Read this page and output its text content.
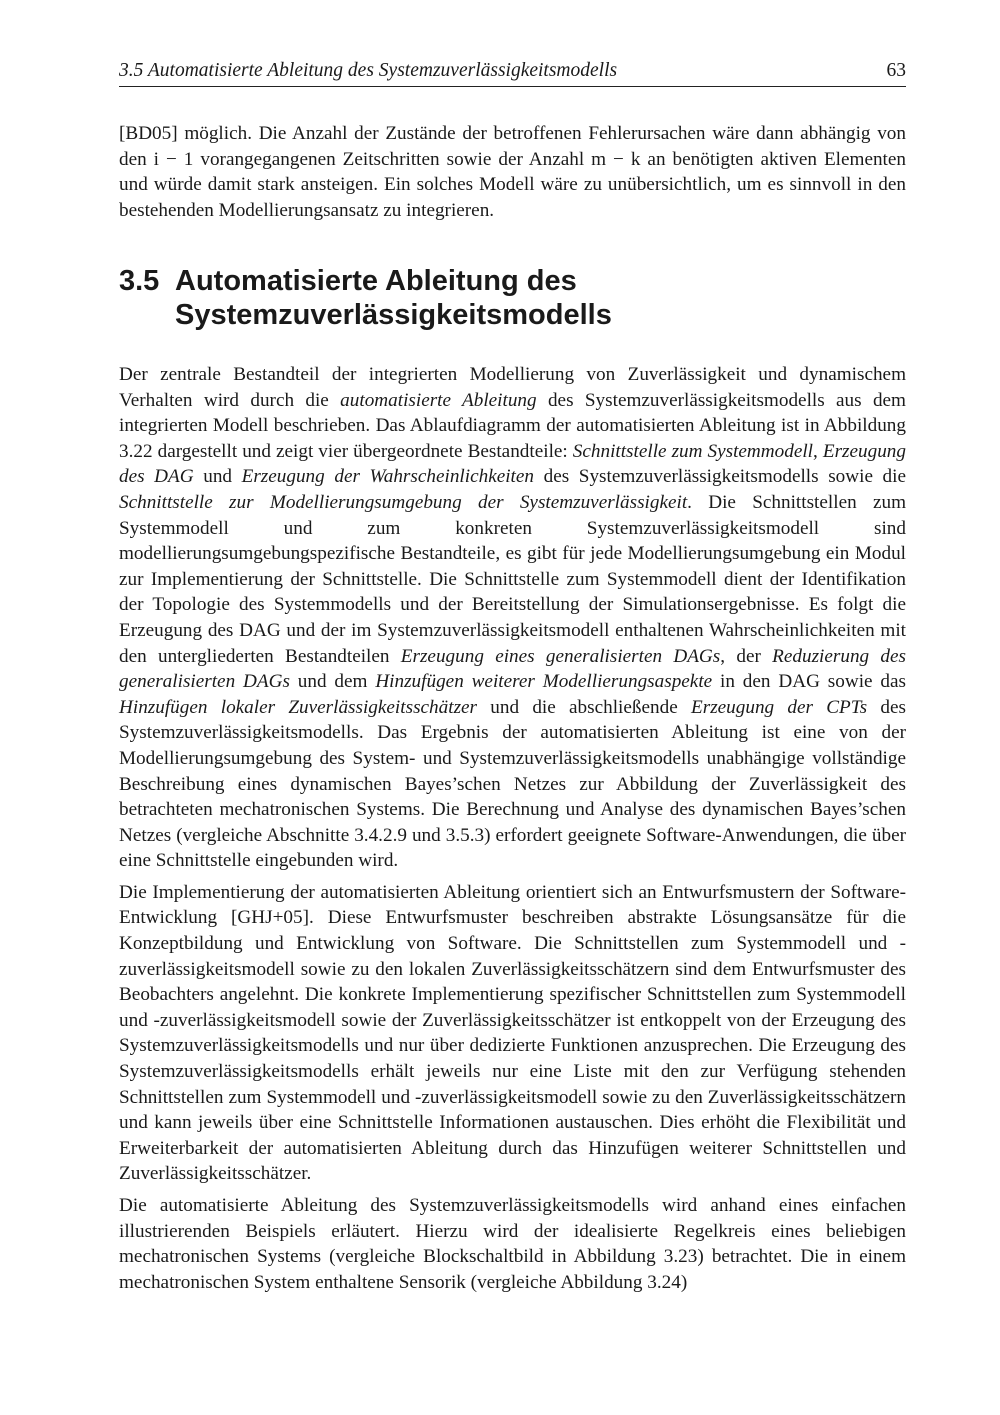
3.5 Automatisierte Ableitung des Systemzuverlässigkeitsmodells	63
[BD05] möglich. Die Anzahl der Zustände der betroffenen Fehlerursachen wäre dann abhängig von den i − 1 vorangegangenen Zeitschritten sowie der Anzahl m − k an benötigten aktiven Elementen und würde damit stark ansteigen. Ein solches Modell wäre zu unübersichtlich, um es sinnvoll in den bestehenden Modellierungsansatz zu integrieren.
3.5 Automatisierte Ableitung des Systemzuverlässigkeitsmodells

Der zentrale Bestandteil der integrierten Modellierung von Zuverlässigkeit und dynamischem Verhalten wird durch die automatisierte Ableitung des Systemzuverlässigkeitsmodells aus dem integrierten Modell beschrieben. Das Ablaufdiagramm der automatisierten Ableitung ist in Abbildung 3.22 dargestellt und zeigt vier übergeordnete Bestandteile: Schnittstelle zum Systemmodell, Erzeugung des DAG und Erzeugung der Wahrscheinlichkeiten des Systemzuverlässigkeitsmodells sowie die Schnittstelle zur Modellierungsumgebung der Systemzuverlässigkeit. Die Schnittstellen zum Systemmodell und zum konkreten Systemzuverlässigkeitsmodell sind modellierungsumgebungspezifische Bestandteile, es gibt für jede Modellierungsumgebung ein Modul zur Implementierung der Schnittstelle. Die Schnittstelle zum Systemmodell dient der Identifikation der Topologie des Systemmodells und der Bereitstellung der Simulationsergebnisse. Es folgt die Erzeugung des DAG und der im Systemzuverlässigkeitsmodell enthaltenen Wahrscheinlichkeiten mit den untergliederten Bestandteilen Erzeugung eines generalisierten DAGs, der Reduzierung des generalisierten DAGs und dem Hinzufügen weiterer Modellierungsaspekte in den DAG sowie das Hinzufügen lokaler Zuverlässigkeitsschätzer und die abschließende Erzeugung der CPTs des Systemzuverlässigkeitsmodells. Das Ergebnis der automatisierten Ableitung ist eine von der Modellierungsumgebung des System- und Systemzuverlässigkeitsmodells unabhängige vollständige Beschreibung eines dynamischen Bayes’schen Netzes zur Abbildung der Zuverlässigkeit des betrachteten mechatronischen Systems. Die Berechnung und Analyse des dynamischen Bayes’schen Netzes (vergleiche Abschnitte 3.4.2.9 und 3.5.3) erfordert geeignete Software-Anwendungen, die über eine Schnittstelle eingebunden wird.

Die Implementierung der automatisierten Ableitung orientiert sich an Entwurfsmustern der Software-Entwicklung [GHJ+05]. Diese Entwurfsmuster beschreiben abstrakte Lösungsansätze für die Konzeptbildung und Entwicklung von Software. Die Schnittstellen zum Systemmodell und -zuverlässigkeitsmodell sowie zu den lokalen Zuverlässigkeitsschätzern sind dem Entwurfsmuster des Beobachters angelehnt. Die konkrete Implementierung spezifischer Schnittstellen zum Systemmodell und -zuverlässigkeitsmodell sowie der Zuverlässigkeitsschätzer ist entkoppelt von der Erzeugung des Systemzuverlässigkeitsmodells und nur über dedizierte Funktionen anzusprechen. Die Erzeugung des Systemzuverlässigkeitsmodells erhält jeweils nur eine Liste mit den zur Verfügung stehenden Schnittstellen zum Systemmodell und -zuverlässigkeitsmodell sowie zu den Zuverlässigkeitsschätzern und kann jeweils über eine Schnittstelle Informationen austauschen. Dies erhöht die Flexibilität und Erweiterbarkeit der automatisierten Ableitung durch das Hinzufügen weiterer Schnittstellen und Zuverlässigkeitsschätzer.

Die automatisierte Ableitung des Systemzuverlässigkeitsmodells wird anhand eines einfachen illustrierenden Beispiels erläutert. Hierzu wird der idealisierte Regelkreis eines beliebigen mechatronischen Systems (vergleiche Blockschaltbild in Abbildung 3.23) betrachtet. Die in einem mechatronischen System enthaltene Sensorik (vergleiche Abbildung 3.24)
